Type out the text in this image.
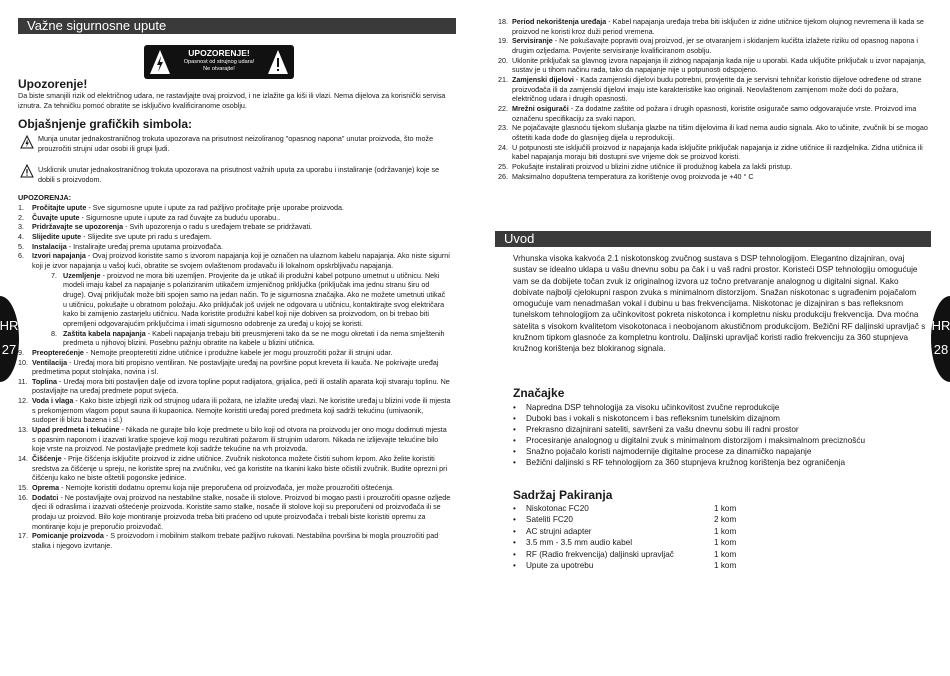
Važne sigurnosne upute
UPOZORENJE!
Opasnost od strujnog udara!
Ne otvarajte!
Upozorenje!

Da biste smanjili rizik od električnog udara, ne rastavljajte ovaj proizvod, i ne izlažite ga kiši ili vlazi. Nema dijelova za korisnički servisa iznutra. Za tehničku pomoć obratite se isključivo kvalificiranome osoblju.

Objašnjenje grafičkih simbola:

Munja unutar jednakostraničnog trokuta upozorava na prisutnost neizoliranog "opasnog napona" unutar proizvoda, što može prouzročiti strujni udar osobi ili grupi ljudi.

Usklicnik unutar jednakostraničnog trokuta upozorava na prisutnost važnih uputa za uporabu i instaliranje (održavanje) koje se dobili s proizvodom.

UPOZORENJA:

1. Pročitajte upute - Sve sigurnosne upute i upute za rad pažljivo pročitajte prije uporabe proizvoda.

2. Čuvajte upute - Sigurnosne upute i upute za rad čuvajte za buduću uporabu..

3. Pridržavajte se upozorenja - Svih upozorenja o radu s uređajem trebate se pridržavati.

4. Slijedite upute - Slijedite sve upute pri radu s uređajem.

5. Instalacija - Instalirajte uređaj prema uputama proizvođača.

6. Izvori napajanja - Ovaj proizvod koristite samo s izvorom napajanja koji je označen na ulaznom kabelu napajanja. Ako niste sigurni koji je izvor napajanja u vašoj kući, obratite se svojem ovlaštenom prodavaču ili lokalnom opskrbljivaču napajanja.

7. Uzemljenje - proizvod ne mora biti uzemljen. Provjerite da je utikač ili produžni kabel potpuno umetnut u utičnicu. Neki modeli imaju kabel za napajanje s polariziranim utikačem izmjeničnog priključka (priključak ima jednu stranu širu od druge). Ovaj priključak može biti spojen samo na jedan način. To je sigurnosna značajka. Ako ne možete umetnuti utikač u utičnicu, pokušajte u obratnom položaju. Ako priključak još uvijek ne odgovara u utičnicu, kontaktirajte svog električara kako bi zamijenio zastarjelu utičnicu. Nada koristite produžni kabel koji nije dobiven sa proizvodom, on bi trebao biti opremljeni odgovarajućim priključcima i imati sigurnosno odobrenje za uređaj u kojoj se koristi.

8. Zaštita kabela napajanja - Kabeli napajanja trebaju biti preusmjereni tako da se ne mogu okretati i da nema smještenih predmeta u njihovoj blizini. Posebnu pažnju obratite na kabele u blizini utičnica.

9. Preopterećenje - Nemojte preopteretiti zidne utičnice i produžne kabele jer mogu prouzročiti požar ili strujni udar.

10. Ventilacija - Uređaj mora biti propisno ventiliran. Ne postavljajte uređaj na površine poput kreveta ili kauča. Ne pokrivajte uređaj predmetima poput stolnjaka, novina i sl.

11. Toplina - Uređaj mora biti postavljen dalje od izvora topline poput radijatora, grijalica, peći ili ostalih aparata koji stvaraju toplinu. Ne postavljajte na uređaj predmete poput svijeća.

12. Voda i vlaga - Kako biste izbjegli rizik od strujnog udara ili požara, ne izlažite uređaj vlazi. Ne koristite uređaj u blizini vode ili mjesta s prekomjernom vlagom poput sauna ili kupaonica. Nemojte koristiti uređaj pored predmeta koji sadrži tekućinu (umivaonik, sudoper ili blizu bazena i sl.)

13. Upad predmeta i tekućine - Nikada ne gurajte bilo koje predmete u bilo koji od otvora na proizvodu jer ono mogu dodirnuti mjesta s opasnim naponom i izazvati kratke spojeve koji mogu rezultirati požarom ili strujnim udarom. Nikada ne izlijevajte tekućine bilo koje vrste na proizvod. Ne postavljajte predmete koji sadrže tekućine na vrh proizvoda.

14. Čišćenje - Prije čišćenja isključite proizvod iz zidne utičnice. Zvučnik niskotonca možete čistiti suhom krpom. Ako želite koristiti sredstva za čišćenje u spreju, ne koristite sprej na zvučniku, već ga koristite na tkanini kako biste očistili zvučnik. Budite oprezni pri čišćenju kako ne biste oštetili pogonske jedinice.

15. Oprema - Nemojte koristiti dodatnu opremu koja nije preporučena od proizvođača, jer može prouzročiti oštećenja.

16. Dodatci - Ne postavljajte ovaj proizvod na nestabilne stalke, nosače ili stolove. Proizvod bi mogao pasti i prouzročiti opasne ozljede djeci ili odraslima i izazvati oštećenje proizvoda. Koristite samo stalke, nosače ili stolove koji su preporučeni od proizvođača ili se prodaju uz proizvod. Bilo koje montiranje proizvoda treba biti praćeno od upute proizvođača i trebali biste koristiti opremu za montiranje koju je preporučio proizvođač.

17. Pomicanje proizvoda - S proizvodom i mobilnim stalkom trebate pažljivo rukovati. Nestabilna površina bi mogla prouzročiti pad stalka i njegovo izvrtanje.

18. Period nekorištenja uređaja - Kabel napajanja uređaja treba biti isključen iz zidne utičnice tijekom olujnog nevremena ili kada se proizvod ne koristi kroz duži period vremena.

19. Servisiranje - Ne pokušavajte popraviti ovaj proizvod, jer se otvaranjem i skidanjem kućišta izlažete riziku od opasnog napona i drugim ozljedama. Povjerite servisiranje kvalificiranom osoblju.

20. Uklonite priključak sa glavnog izvora napajanja ili zidnog napajanja kada nije u uporabi. Kada uključite priključak u izvor napajanja, sustav je u tihom načinu rada, tako da napajanje nije u potpunosti odspojeno.

21. Zamjenski dijelovi - Kada zamjenski dijelovi budu potrebni, provjerite da je servisni tehničar koristio dijelove određene od strane proizvođača ili da zamjenski dijelovi imaju iste karakteristike kao originali. Neovlaštenom zamjenom može doći do požara, električnog udara i drugih opasnosti.

22. Mrežni osigurači - Za dodatne zaštite od požara i drugih opasnosti, koristite osigurače samo odgovarajuće vrste. Proizvod ima označenu specifikaciju za svaki napon.

23. Ne pojačavajte glasnoću tijekom slušanja glazbe na tišim dijelovima ili kad nema audio signala. Ako to učinite, zvučnik bi se mogao oštetiti kada dođe do glasnijeg dijela u reprodukciji.

24. U potpunosti ste isključili proizvod iz napajanja kada isključite priključak napajanja iz zidne utičnice ili razdjelnika. Zidna utičnica ili kabel napajanja moraju biti dostupni sve vrijeme dok se proizvod koristi.

25. Pokušajte instalirati proizvod u blizini zidne utičnice ili produžnog kabela za lakši pristup.

26. Maksimalno dopuštena temperatura za korištenje ovog proizvoda je +40 ° C

Uvod

Vrhunska visoka kakvoća 2.1 niskotonskog zvučnog sustava s DSP tehnologijom. Elegantno dizajniran, ovaj sustav se idealno uklapa u vašu dnevnu sobu pa čak i u vaš radni prostor. Koristeći DSP tehnologiju omogućuje vam se da dobijete točan zvuk iz originalnog izvora uz točno pretvaranje analognog u digitalni signal. Kako dobivate najbolji cjelokupni raspon zvuka s minimalnom distorzijom. Snažan niskotonac s ugrađenim pojačalom omogućuje vam nenadmašan vokal i dubinu u bas frekvencijama. Niskotonac je dizajniran s bas refleksnom tunelskom tehnologijom za učinkovitost pokreta niskotonca i kompletnu nisku produkciju frekvencija. Dva moćna satelita s visokom kvalitetom visokotonaca i neobojanom akustičnom produkcijom. Bežični RF daljinski upravljač s kružnom tipkom glasnoće za kompletnu kontrolu. Daljinski upravljač koristi radio frekvenciju za 360 stupnjeva kružnog korištenja bez blokiranog signala.

Značajke
• Napredna DSP tehnologija za visoku učinkovitost zvučne reprodukcije
• Duboki bas i vokali s niskotoncem i bas refleksnim tunelskim dizajnom
• Prekrasno dizajnirani sateliti, savršeni za vašu dnevnu sobu ili radni prostor
• Procesiranje analognog u digitalni zvuk s minimalnom distorzijom i maksimalnom preciznošću
• Snažno pojačalo koristi najmodernije digitalne procese za dinamičko napajanje
• Bežični daljinski s RF tehnologijom za 360 stupnjeva kružnog korištenja bez ograničenja
Sadržaj Pakiranja
•	Niskotonac FC20	1 kom
•	Sateliti FC20	2 kom
•	AC strujni adapter	1 kom
•	3.5 mm - 3.5 mm audio kabel	1 kom
•	RF (Radio frekvencija) daljinski upravljač	1 kom
•	Upute za upotrebu	1 kom
HR
27
HR
28
